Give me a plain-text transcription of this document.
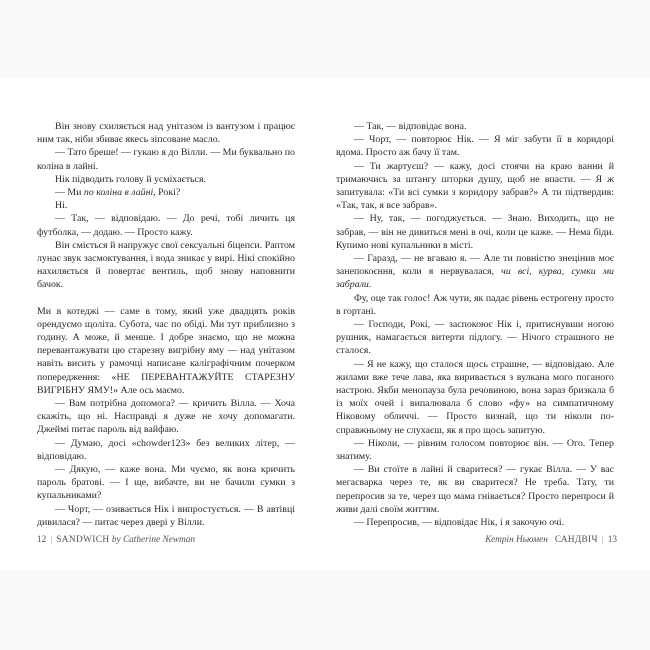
Він знову схиляється над унітазом із вантузом і працює ним так, ніби збиває якесь зіпсоване масло.

— Тато бреше! — гукаю я до Вілли. — Ми буквально по коліна в лайні.

Нік підводить голову й усміхається.

— Ми по коліна в лайні, Рокі?

Ні.

— Так, — відповідаю. — До речі, тобі личить ця футболка, — додаю. — Просто кажу.

Він сміється й напружує свої сексуальні біцепси. Раптом лунає звук засмоктування, і вода зникає у вирі. Нікі спокійно нахиляється й повертає вентиль, щоб знову наповнити бачок.

Ми в котеджі — саме в тому, який уже двадцять років орендуємо щоліта. Субота, час по обіді. Ми тут приблизно з годину. А може, й менше. І добре знаємо, що не можна перевантажувати цю старезну вигрібну яму — над унітазом навіть висить у рамочці написане каліграфічним почерком попередження: «НЕ ПЕРЕВАНТАЖУЙТЕ СТАРЕЗНУ ВИГРІБНУ ЯМУ!» Але ось маємо.

— Вам потрібна допомога? — кричить Вілла. — Хоча скажіть, що ні. Насправді я дуже не хочу допомагати. Джеймі питає пароль від вайфаю.

— Думаю, досі «chowder123» без великих літер, — відповідаю.

— Дякую, — каже вона. Ми чуємо, як вона кричить пароль братові. — І ще, вибачте, ви не бачили сумки з купальниками?

— Чорт, — озивається Нік і випростується. — В автівці дивилася? — питає через двері у Вілли.

— Так, — відповідає вона.

— Чорт, — повторює Нік. — Я міг забути її в коридорі вдома. Просто аж бачу її там.

— Ти жартуєш? — кажу, досі стоячи на краю ванни й тримаючись за штангу шторки душу, щоб не впасти. — Я ж запитувала: «Ти всі сумки з коридору забрав?» А ти підтвердив: «Так, так, я все забрав».

— Ну, так, — погоджується. — Знаю. Виходить, що не забрав, — він не дивиться мені в очі, коли це каже. — Нема біди. Купимо нові купальники в місті.

— Гаразд, — не вгаваю я. — Але ти повністю знецінив моє занепокоєння, коли я нервувалася, чи всі, курва, сумки ми забрали.

Фу, оце так голос! Аж чути, як падає рівень естрогену просто в гортані.

— Господи, Рокі, — заспокоює Нік і, притиснувши ногою рушник, намагається витерти підлогу. — Нічого страшного не сталося.

— Я не кажу, що сталося щось страшне, — відповідаю. Але жилами вже тече лава, яка виривається з вулкана мого поганого настрою. Якби менопауза була речовиною, вона зараз бризкала б із моїх очей і випалювала б слово «фу» на симпатичному Ніковому обличчі. — Просто визнай, що ти ніколи по-справжньому не слухаєш, як я про щось запитую.

— Ніколи, — рівним голосом повторює він. — Ого. Тепер знатиму.

— Ви стоїте в лайні й сваритеся? — гукає Вілла. — У вас мегасварка через те, як ви сваритеся? Не треба. Тату, ти перепросив за те, через що мама гнівається? Просто перепроси й живи далі своїм життям.

— Перепросив, — відповідає Нік, і я закочую очі.

12 | SANDWICH by Catherine Newman	Кетрін Ньюмен САНДВІЧ | 13
